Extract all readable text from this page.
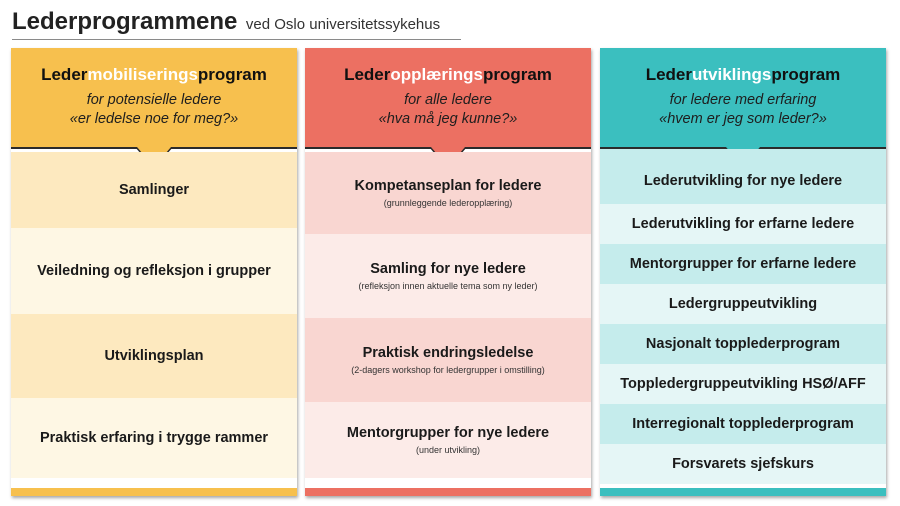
Lederprogrammene ved Oslo universitetssykehus
Ledermobiliseringsprogram
for potensielle ledere
«er ledelse noe for meg?»
Samlinger
Veiledning og refleksjon i grupper
Utviklingsplan
Praktisk erfaring i trygge rammer
Lederopplæringsprogram
for alle ledere
«hva må jeg kunne?»
Kompetanseplan for ledere
(grunnleggende lederopplæring)
Samling for nye ledere
(refleksjon innen aktuelle tema som ny leder)
Praktisk endringsledelse
(2-dagers workshop for ledergrupper i omstilling)
Mentorgrupper for nye ledere
(under utvikling)
Lederutviklingsprogram
for ledere med erfaring
«hvem er jeg som leder?»
Lederutvikling for nye ledere
Lederutvikling for erfarne ledere
Mentorgrupper for erfarne ledere
Ledergruppeutvikling
Nasjonalt topplederprogram
Toppledergruppeutvikling HSØ/AFF
Interregionalt topplederprogram
Forsvarets sjefskurs
